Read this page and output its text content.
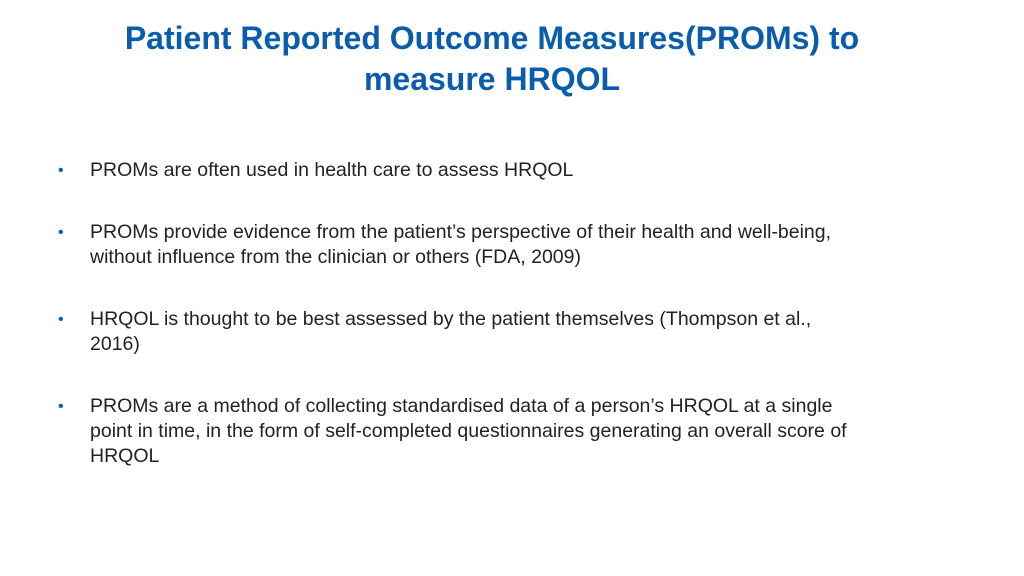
Patient Reported Outcome Measures(PROMs) to
measure HRQOL
• PROMs are often used in health care to assess HRQOL
• PROMs provide evidence from the patient’s perspective of their health and well-being,
without influence from the clinician or others (FDA, 2009)
• HRQOL is thought to be best assessed by the patient themselves (Thompson et al.,
2016)
• PROMs are a method of collecting standardised data of a person’s HRQOL at a single
point in time, in the form of self-completed questionnaires generating an overall score of
HRQOL
